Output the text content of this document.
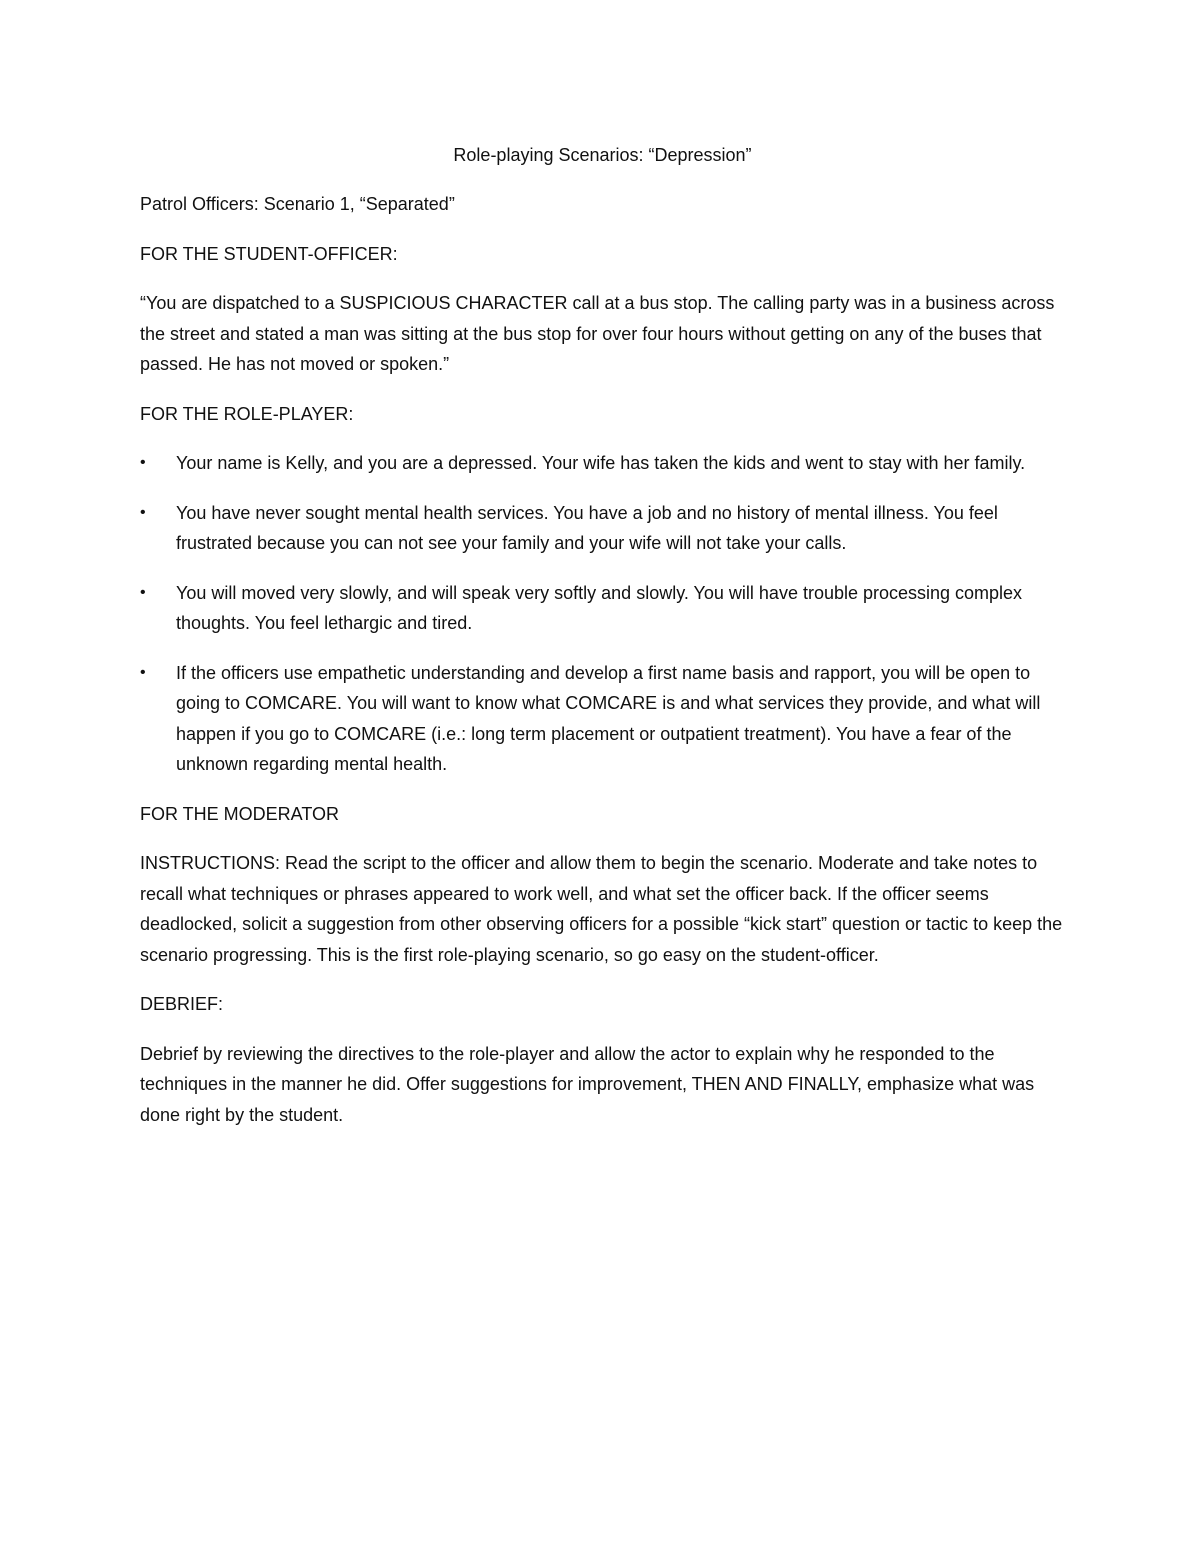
Role-playing Scenarios: “Depression”

Patrol Officers: Scenario 1, “Separated”

FOR THE STUDENT-OFFICER:

“You are dispatched to a SUSPICIOUS CHARACTER call at a bus stop. The calling party was in a business across the street and stated a man was sitting at the bus stop for over four hours without getting on any of the buses that passed. He has not moved or spoken.”

FOR THE ROLE-PLAYER:

•	Your name is Kelly, and you are a depressed. Your wife has taken the kids and went to stay with her family.
•	You have never sought mental health services. You have a job and no history of mental illness. You feel frustrated because you can not see your family and your wife will not take your calls.
•	You will moved very slowly, and will speak very softly and slowly. You will have trouble processing complex thoughts. You feel lethargic and tired.
•	If the officers use empathetic understanding and develop a first name basis and rapport, you will be open to going to COMCARE. You will want to know what COMCARE is and what services they provide, and what will happen if you go to COMCARE (i.e.: long term placement or outpatient treatment). You have a fear of the unknown regarding mental health.

FOR THE MODERATOR

INSTRUCTIONS: Read the script to the officer and allow them to begin the scenario. Moderate and take notes to recall what techniques or phrases appeared to work well, and what set the officer back. If the officer seems deadlocked, solicit a suggestion from other observing officers for a possible “kick start” question or tactic to keep the scenario progressing. This is the first role-playing scenario, so go easy on the student-officer.

DEBRIEF:

Debrief by reviewing the directives to the role-player and allow the actor to explain why he responded to the techniques in the manner he did. Offer suggestions for improvement, THEN AND FINALLY, emphasize what was done right by the student.
